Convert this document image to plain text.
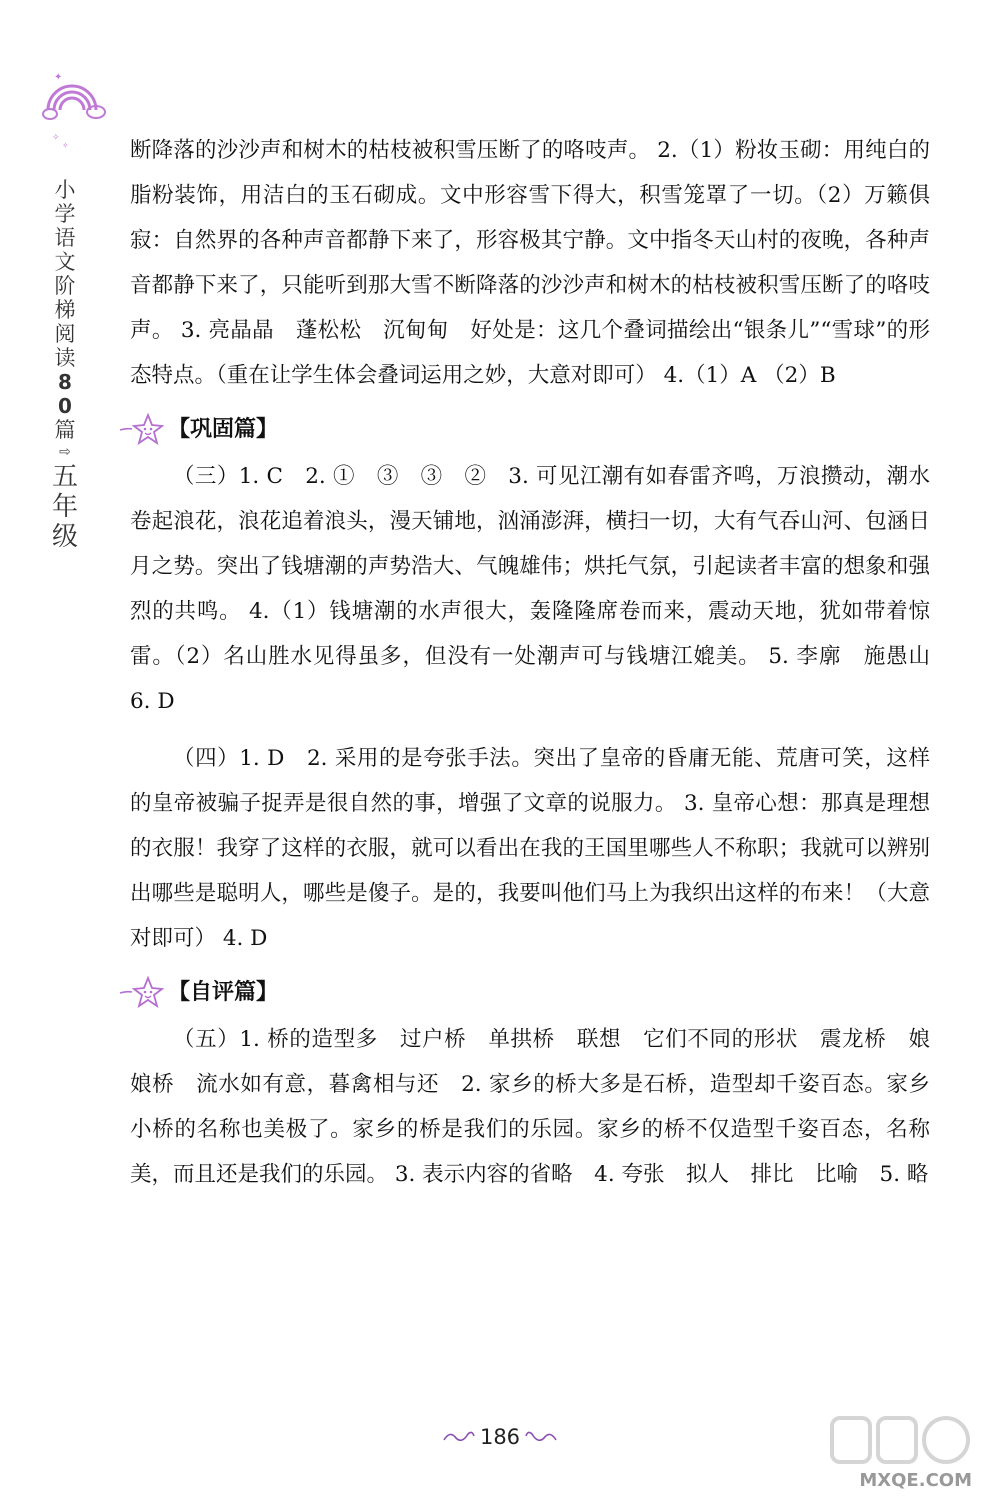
✦
✧
✧
小
学
语
文
阶
梯
阅
读
80
篇
⇨
五
年
级

断降落的沙沙声和树木的枯枝被积雪压断了的咯吱声。 2.（1）粉妆玉砌：用纯白的脂粉装饰，用洁白的玉石砌成。文中形容雪下得大，积雪笼罩了一切。（2）万籁俱寂：自然界的各种声音都静下来了，形容极其宁静。文中指冬天山村的夜晚，各种声音都静下来了，只能听到那大雪不断降落的沙沙声和树木的枯枝被积雪压断了的咯吱声。 3. 亮晶晶　蓬松松　沉甸甸　好处是：这几个叠词描绘出“银条儿”“雪球”的形态特点。（重在让学生体会叠词运用之妙，大意对即可） 4.（1）A （2）B

【巩固篇】

（三）1. C　2. ①　③　③　②　3. 可见江潮有如春雷齐鸣，万浪攒动，潮水卷起浪花，浪花追着浪头，漫天铺地，汹涌澎湃，横扫一切，大有气吞山河、包涵日月之势。突出了钱塘潮的声势浩大、气魄雄伟；烘托气氛，引起读者丰富的想象和强烈的共鸣。 4.（1）钱塘潮的水声很大，轰隆隆席卷而来，震动天地，犹如带着惊雷。（2）名山胜水见得虽多，但没有一处潮声可与钱塘江媲美。 5. 李廓　施愚山　6. D

（四）1. D　2. 采用的是夸张手法。突出了皇帝的昏庸无能、荒唐可笑，这样的皇帝被骗子捉弄是很自然的事，增强了文章的说服力。 3. 皇帝心想：那真是理想的衣服！我穿了这样的衣服，就可以看出在我的王国里哪些人不称职；我就可以辨别出哪些是聪明人，哪些是傻子。是的，我要叫他们马上为我织出这样的布来！（大意对即可） 4. D

【自评篇】

（五）1. 桥的造型多　过户桥　单拱桥　联想　它们不同的形状　震龙桥　娘娘桥　流水如有意，暮禽相与还　2. 家乡的桥大多是石桥，造型却千姿百态。家乡小桥的名称也美极了。家乡的桥是我们的乐园。家乡的桥不仅造型千姿百态，名称美，而且还是我们的乐园。 3. 表示内容的省略　4. 夸张　拟人　排比　比喻　5. 略

186
MXQE.COM
